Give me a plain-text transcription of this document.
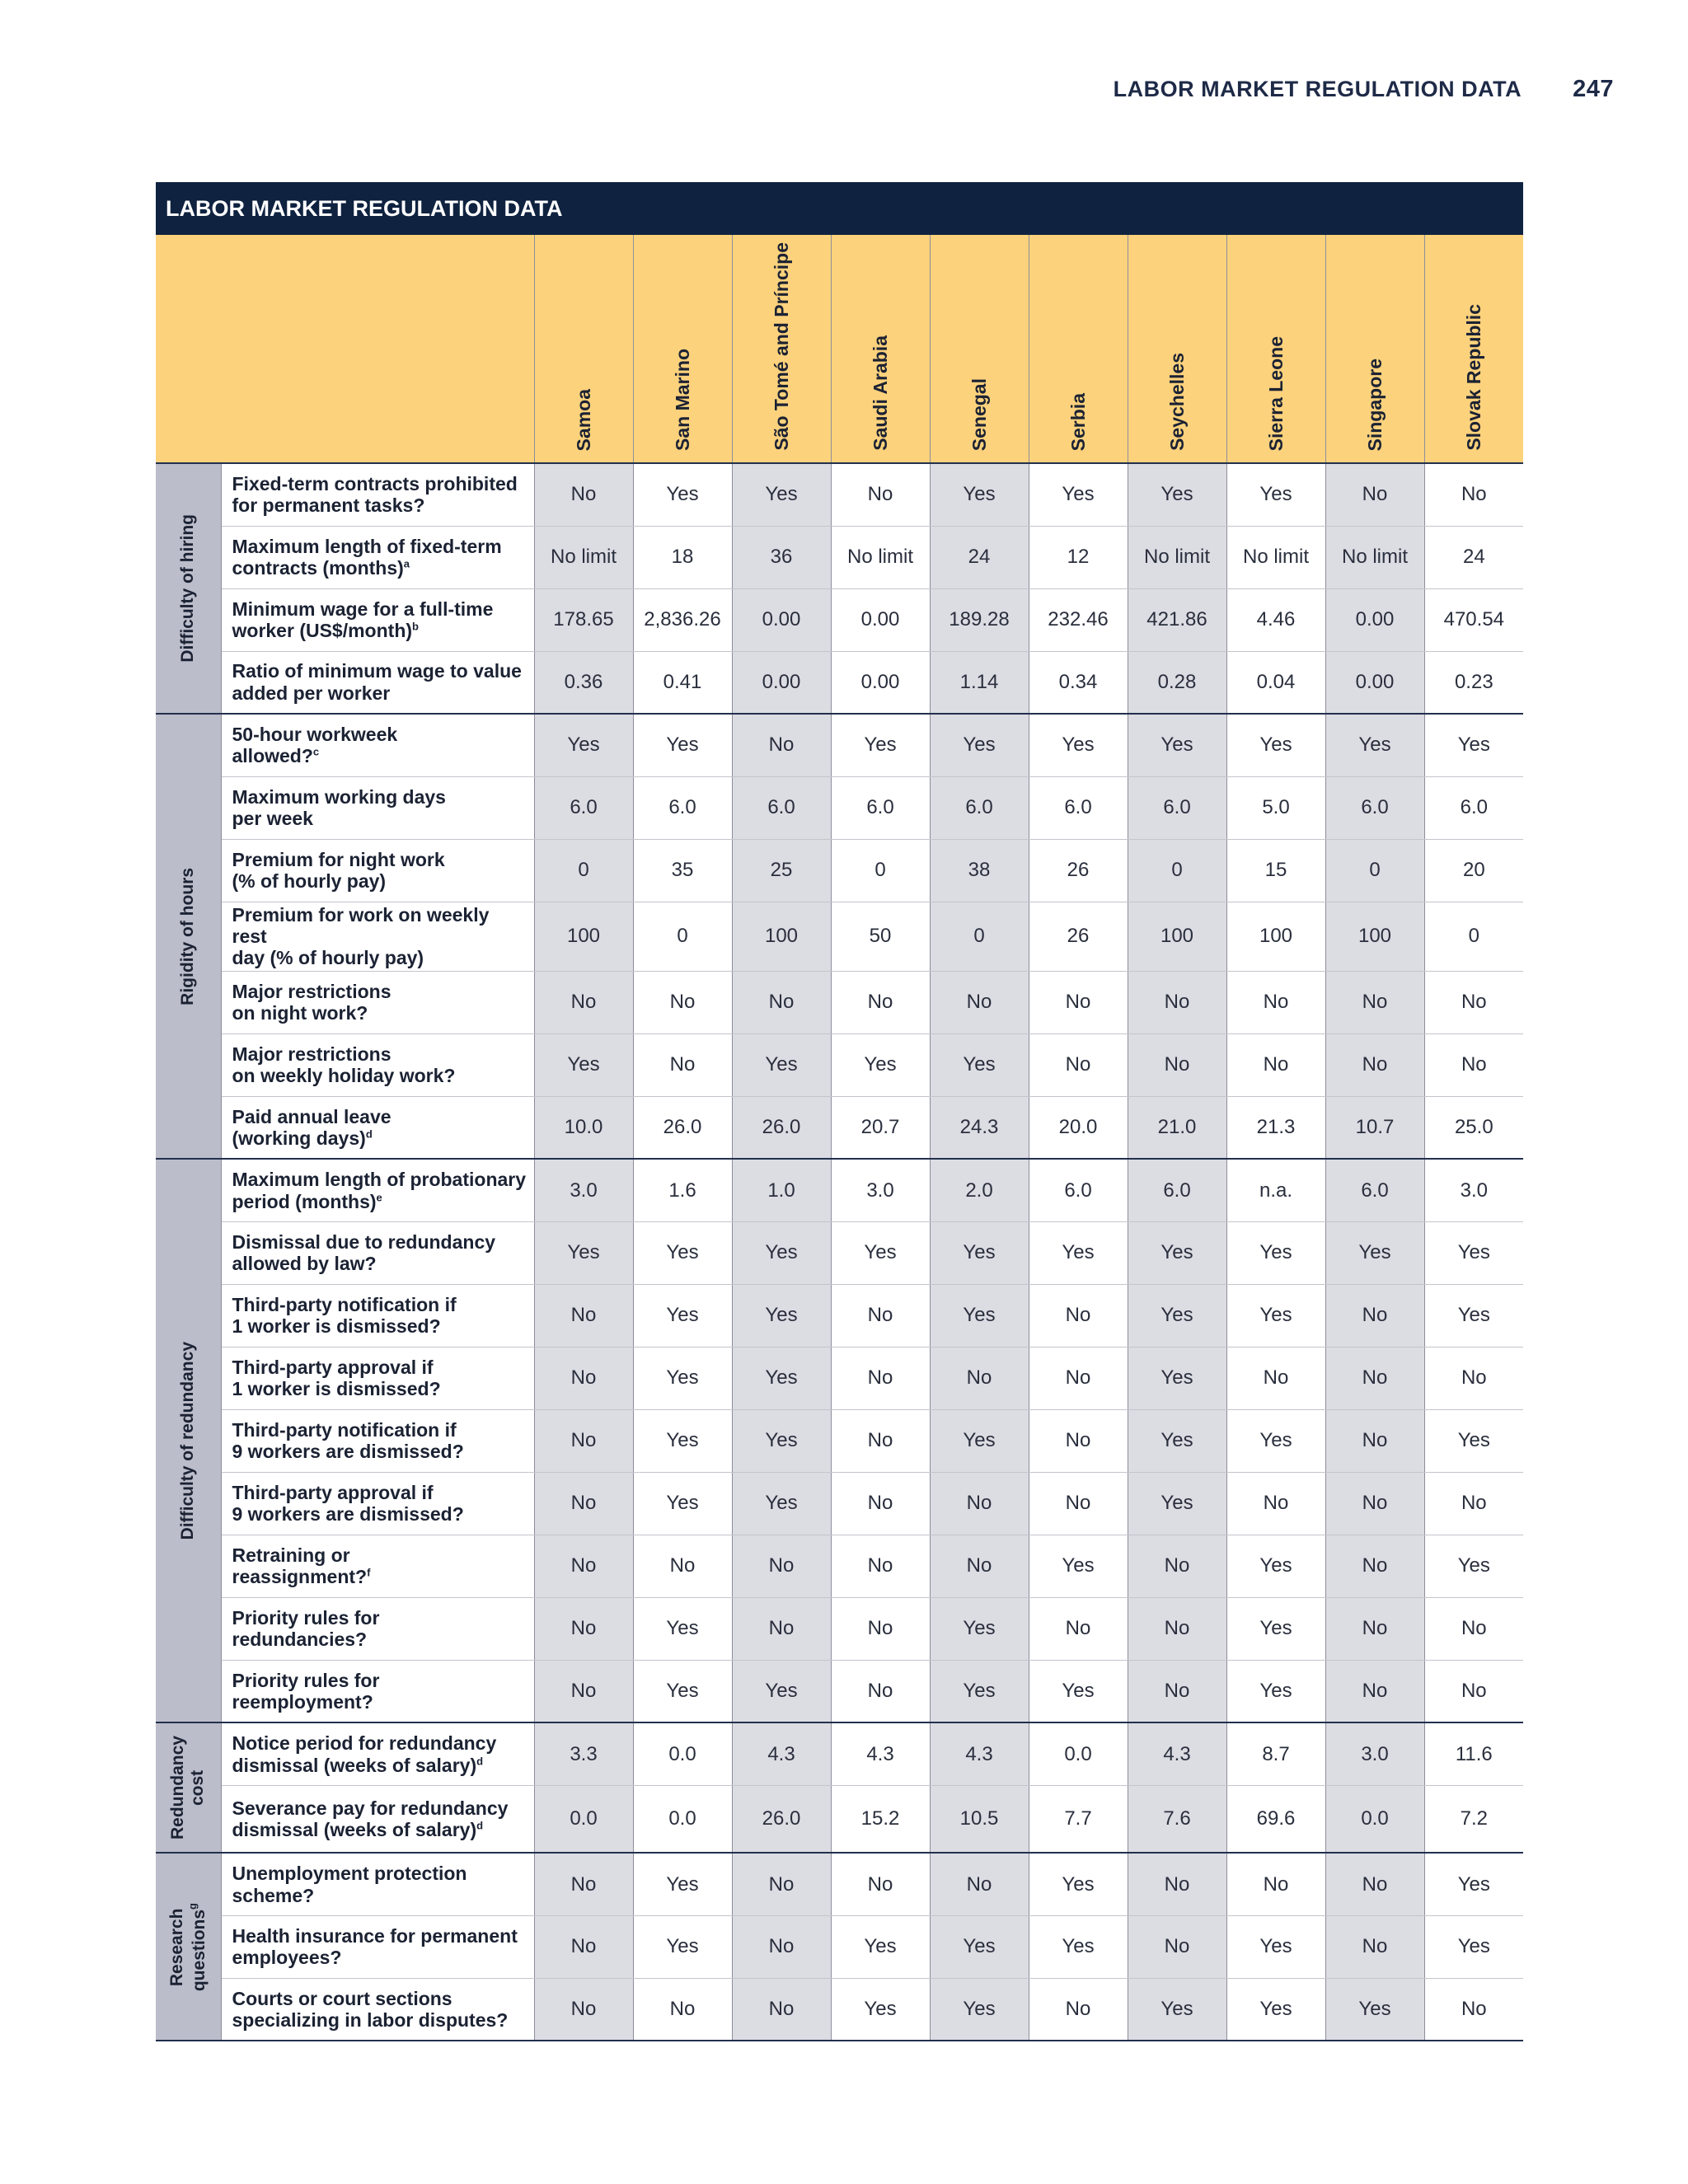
LABOR MARKET REGULATION DATA 247
LABOR MARKET REGULATION DATA											

		Samoa	San Marino	São Tomé and Príncipe	Saudi Arabia	Senegal	Serbia	Seychelles	Sierra Leone	Singapore	Slovak Republic

Difficulty of hiring	Fixed-term contracts prohibited
for permanent tasks?	No	Yes	Yes	No	Yes	Yes	Yes	Yes	No	No
	Maximum length of fixed-term
contracts (months)$^a$	No limit	18	36	No limit	24	12	No limit	No limit	No limit	24
	Minimum wage for a full-time
worker (US$/month)$^b$	178.65	2,836.26	0.00	0.00	189.28	232.46	421.86	4.46	0.00	470.54
	Ratio of minimum wage to value
added per worker	0.36	0.41	0.00	0.00	1.14	0.34	0.28	0.04	0.00	0.23

Rigidity of hours	50-hour workweek
allowed?$^c$	Yes	Yes	No	Yes	Yes	Yes	Yes	Yes	Yes	Yes
	Maximum working days
per week	6.0	6.0	6.0	6.0	6.0	6.0	6.0	5.0	6.0	6.0
	Premium for night work
(% of hourly pay)	0	35	25	0	38	26	0	15	0	20
	Premium for work on weekly rest
day (% of hourly pay)	100	0	100	50	0	26	100	100	100	0
	Major restrictions
on night work?	No	No	No	No	No	No	No	No	No	No
	Major restrictions
on weekly holiday work?	Yes	No	Yes	Yes	Yes	No	No	No	No	No
	Paid annual leave
(working days)$^d$	10.0	26.0	26.0	20.7	24.3	20.0	21.0	21.3	10.7	25.0

Difficulty of redundancy	Maximum length of probationary
period (months)$^e$	3.0	1.6	1.0	3.0	2.0	6.0	6.0	n.a.	6.0	3.0
	Dismissal due to redundancy
allowed by law?	Yes	Yes	Yes	Yes	Yes	Yes	Yes	Yes	Yes	Yes
	Third-party notification if
1 worker is dismissed?	No	Yes	Yes	No	Yes	No	Yes	Yes	No	Yes
	Third-party approval if
1 worker is dismissed?	No	Yes	Yes	No	No	No	Yes	No	No	No
	Third-party notification if
9 workers are dismissed?	No	Yes	Yes	No	Yes	No	Yes	Yes	No	Yes
	Third-party approval if
9 workers are dismissed?	No	Yes	Yes	No	No	No	Yes	No	No	No
	Retraining or
reassignment?$^f$	No	No	No	No	No	Yes	No	Yes	No	Yes
	Priority rules for
redundancies?	No	Yes	No	No	Yes	No	No	Yes	No	No
	Priority rules for
reemployment?	No	Yes	Yes	No	Yes	Yes	No	Yes	No	No

Redundancy
cost	Notice period for redundancy
dismissal (weeks of salary)$^d$	3.3	0.0	4.3	4.3	4.3	0.0	4.3	8.7	3.0	11.6
	Severance pay for redundancy
dismissal (weeks of salary)$^d$	0.0	0.0	26.0	15.2	10.5	7.7	7.6	69.6	0.0	7.2

Research questions$^g$	Unemployment protection
scheme?	No	Yes	No	No	No	Yes	No	No	No	Yes
	Health insurance for permanent
employees?	No	Yes	No	Yes	Yes	Yes	No	Yes	No	Yes
	Courts or court sections
specializing in labor disputes?	No	No	No	Yes	Yes	No	Yes	Yes	Yes	No
